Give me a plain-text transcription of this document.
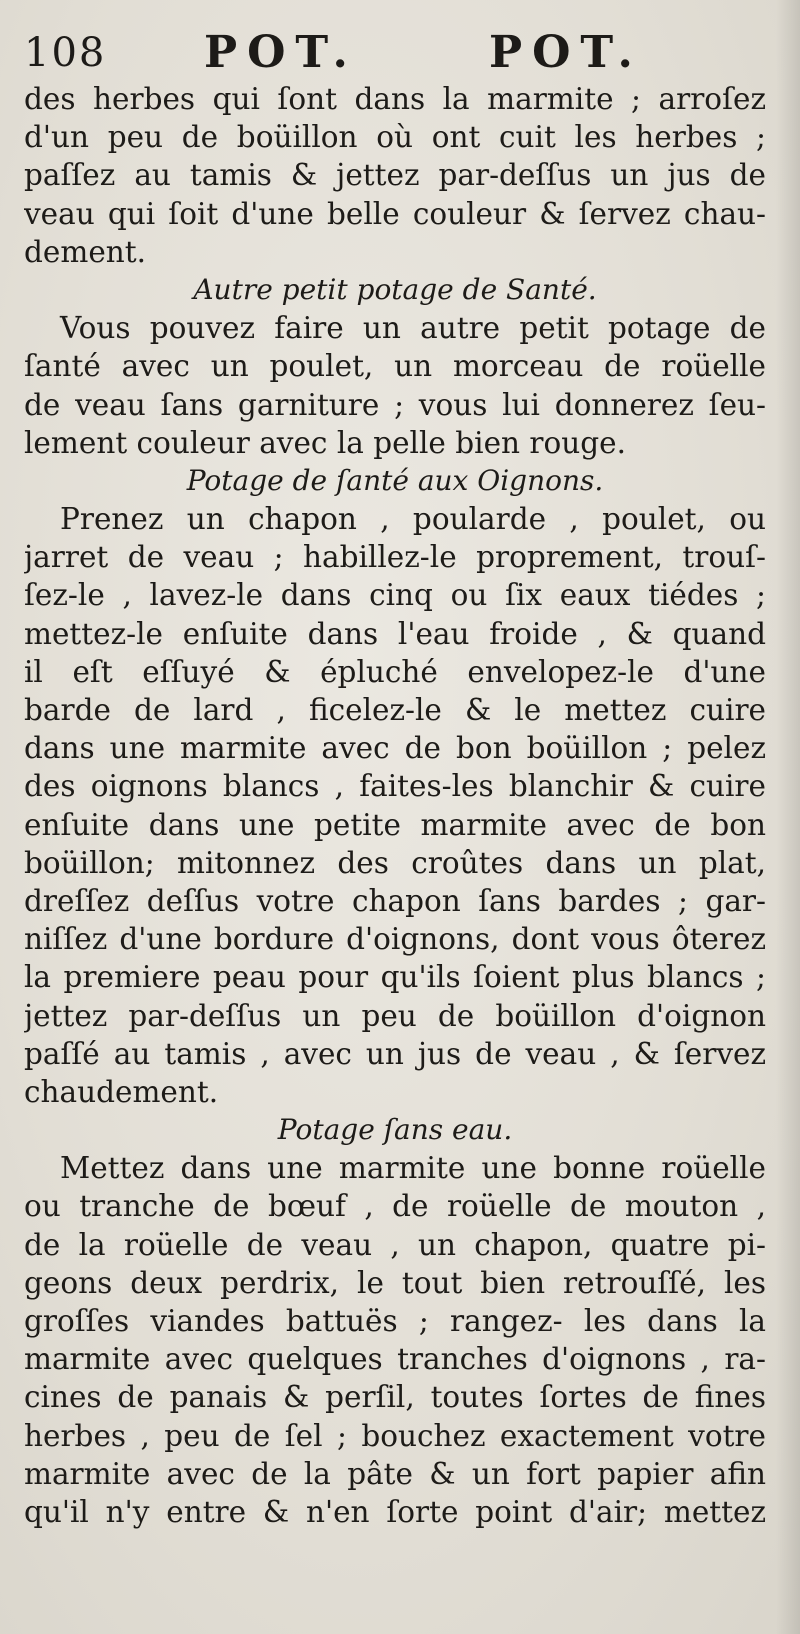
108 POT.	POT.
des herbes qui ſont dans la marmite ; arroſez
d'un peu de boüillon où ont cuit les herbes ;
paſſez au tamis & jettez par-deſſus un jus de
veau qui ſoit d'une belle couleur & ſervez chau-
dement.
Autre petit potage de Santé.
Vous pouvez faire un autre petit potage de
ſanté avec un poulet, un morceau de roüelle
de veau ſans garniture ; vous lui donnerez ſeu-
lement couleur avec la pelle bien rouge.
Potage de ſanté aux Oignons.
Prenez un chapon , poularde , poulet, ou
jarret de veau ; habillez-le proprement, trouſ-
ſez-le , lavez-le dans cinq ou ſix eaux tiédes ;
mettez-le enſuite dans l'eau froide , & quand
il eſt eſſuyé & épluché envelopez-le d'une
barde de lard , ficelez-le & le mettez cuire
dans une marmite avec de bon boüillon ; pelez
des oignons blancs , faites-les blanchir & cuire
enſuite dans une petite marmite avec de bon
boüillon; mitonnez des croûtes dans un plat,
dreſſez deſſus votre chapon ſans bardes ; gar-
niſſez d'une bordure d'oignons, dont vous ôterez
la premiere peau pour qu'ils ſoient plus blancs ;
jettez par-deſſus un peu de boüillon d'oignon
paſſé au tamis , avec un jus de veau , & ſervez
chaudement.
Potage ſans eau.
Mettez dans une marmite une bonne roüelle
ou tranche de bœuf , de roüelle de mouton ,
de la roüelle de veau , un chapon, quatre pi-
geons deux perdrix, le tout bien retrouſſé, les
groſſes viandes battuës ; rangez- les dans la
marmite avec quelques tranches d'oignons , ra-
cines de panais & perſil, toutes ſortes de fines
herbes , peu de ſel ; bouchez exactement votre
marmite avec de la pâte & un fort papier afin
qu'il n'y entre & n'en ſorte point d'air; mettez
